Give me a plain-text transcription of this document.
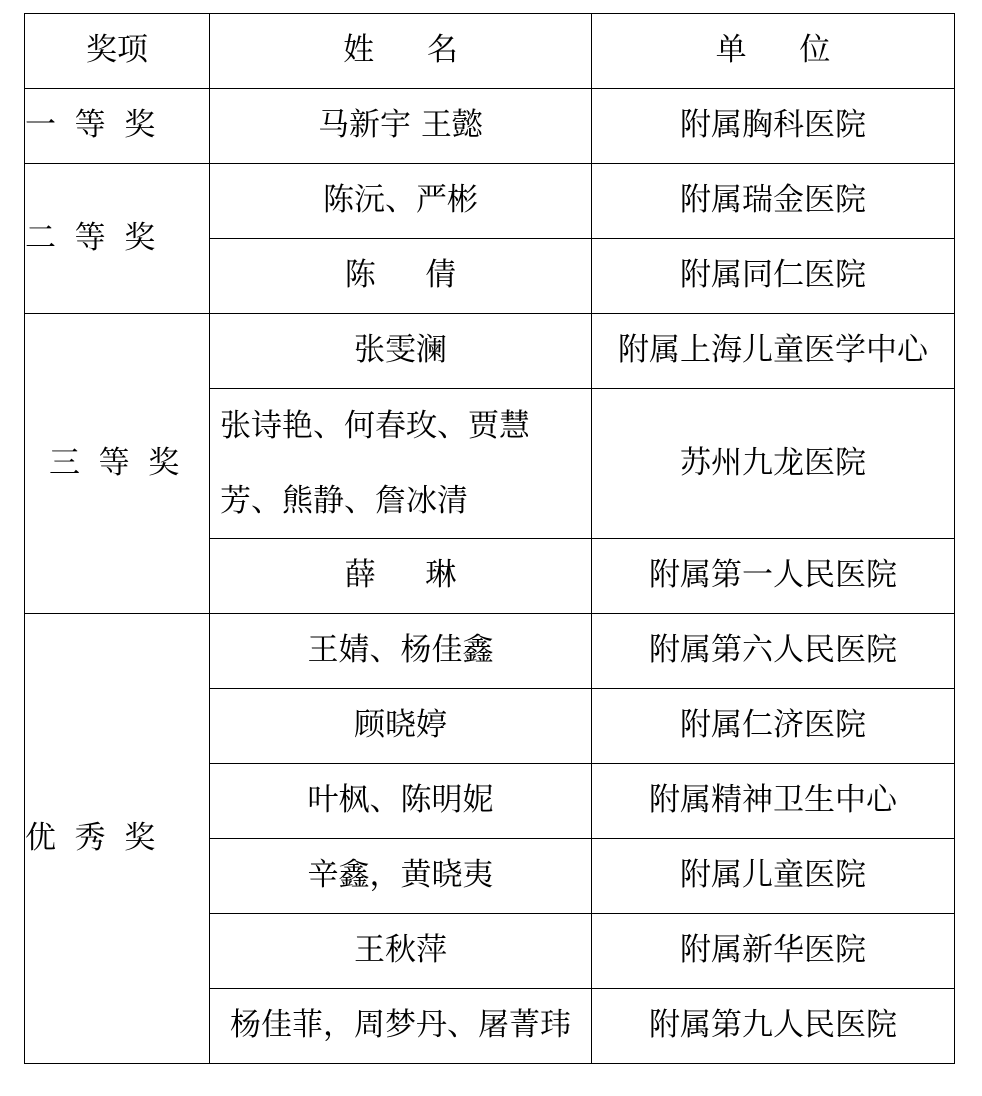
奖项	姓名	单位
一等奖	马新宇 王懿	附属胸科医院
二等奖	陈沅、严彬	附属瑞金医院
	陈倩	附属同仁医院
三等奖	张雯澜	附属上海儿童医学中心
	张诗艳、何春玫、贾慧芳、熊静、詹冰清	苏州九龙医院
	薛琳	附属第一人民医院
优秀奖	王婧、杨佳鑫	附属第六人民医院
	顾晓婷	附属仁济医院
	叶枫、陈明妮	附属精神卫生中心
	辛鑫，黄晓夷	附属儿童医院
	王秋萍	附属新华医院
	杨佳菲，周梦丹、屠菁玮	附属第九人民医院
